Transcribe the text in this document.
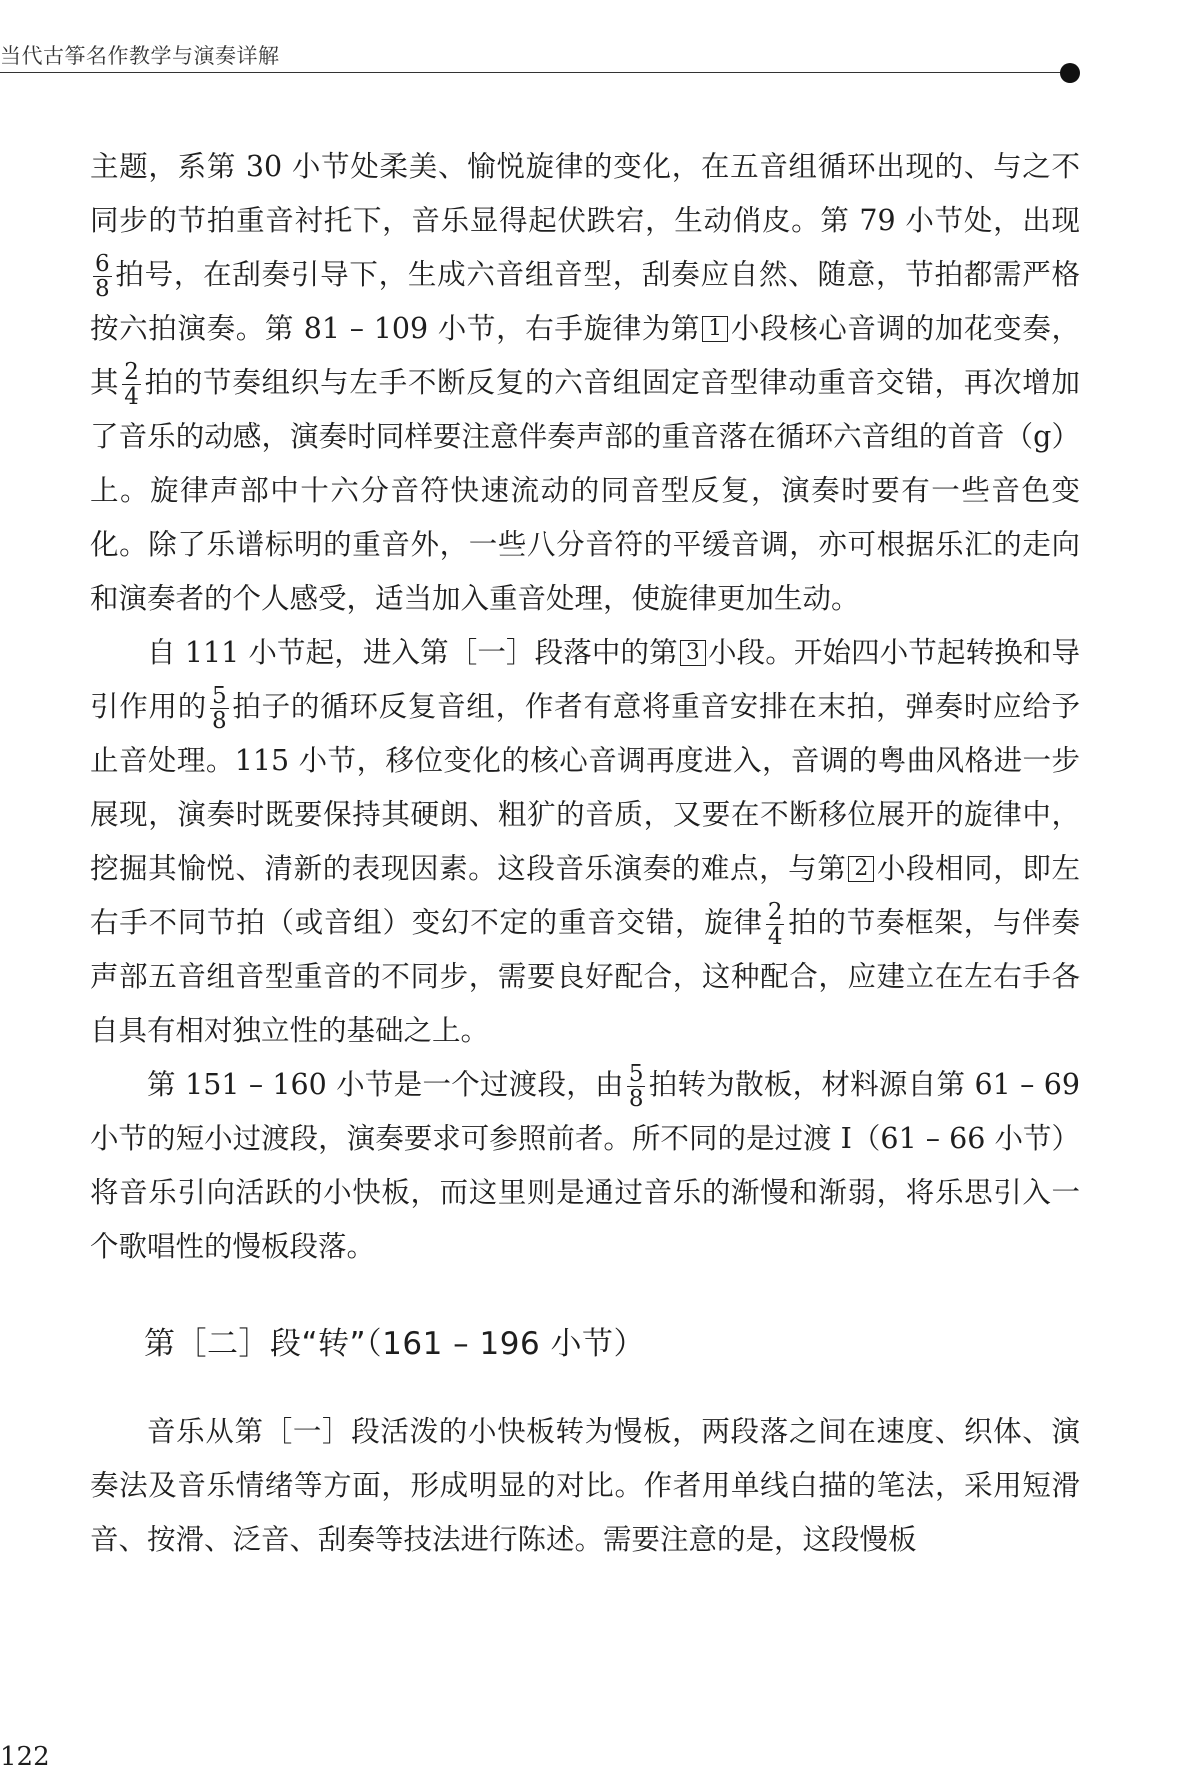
当代古筝名作教学与演奏详解

主题，系第 30 小节处柔美、愉悦旋律的变化，在五音组循环出现的、与之不同步的节拍重音衬托下，音乐显得起伏跌宕，生动俏皮。第 79 小节处，出现
$\frac{6}{8}$ 拍号，在刮奏引导下，生成六音组音型，刮奏应自然、随意，节拍都需严格按六拍演奏。第 81 – 109 小节，右手旋律为第 1 小段核心音调的加花变奏，其 $\frac{2}{4}$ 拍的节奏组织与左手不断反复的六音组固定音型律动重音交错，再次增加了音乐的动感，演奏时同样要注意伴奏声部的重音落在循环六音组的首音（g）上。旋律声部中十六分音符快速流动的同音型反复，演奏时要有一些音色变化。除了乐谱标明的重音外，一些八分音符的平缓音调，亦可根据乐汇的走向和演奏者的个人感受，适当加入重音处理，使旋律更加生动。

自 111 小节起，进入第［一］段落中的第 3 小段。开始四小节起转换和导引作用的 $\frac{5}{8}$ 拍子的循环反复音组，作者有意将重音安排在末拍，弹奏时应给予止音处理。115 小节，移位变化的核心音调再度进入，音调的粤曲风格进一步展现，演奏时既要保持其硬朗、粗犷的音质，又要在不断移位展开的旋律中，挖掘其愉悦、清新的表现因素。这段音乐演奏的难点，与第 2 小段相同，即左右手不同节拍（或音组）变幻不定的重音交错，旋律 $\frac{2}{4}$ 拍的节奏框架，与伴奏声部五音组音型重音的不同步，需要良好配合，这种配合，应建立在左右手各自具有相对独立性的基础之上。

第 151 – 160 小节是一个过渡段，由 $\frac{5}{8}$ 拍转为散板，材料源自第 61 – 69 小节的短小过渡段，演奏要求可参照前者。所不同的是过渡 I（61 – 66 小节）将音乐引向活跃的小快板，而这里则是通过音乐的渐慢和渐弱，将乐思引入一个歌唱性的慢板段落。

第［二］段“转”（161 – 196 小节）

音乐从第［一］段活泼的小快板转为慢板，两段落之间在速度、织体、演奏法及音乐情绪等方面，形成明显的对比。作者用单线白描的笔法，采用短滑音、按滑、泛音、刮奏等技法进行陈述。需要注意的是，这段慢板

122
